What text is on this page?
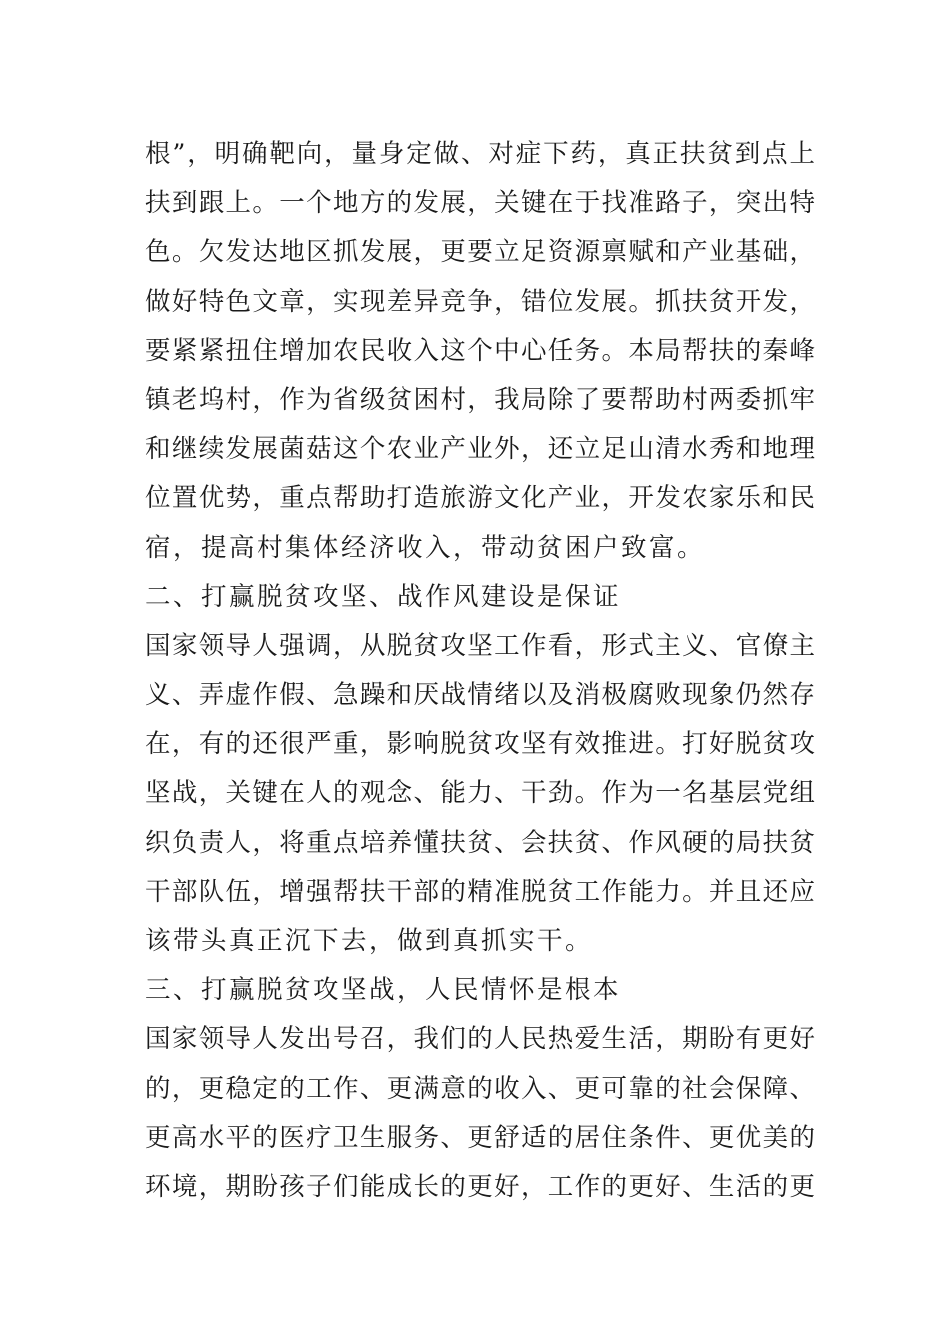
根”，明确靶向，量身定做、对症下药，真正扶贫到点上
扶到跟上。一个地方的发展，关键在于找准路子，突出特
色。欠发达地区抓发展，更要立足资源禀赋和产业基础，
做好特色文章，实现差异竞争，错位发展。抓扶贫开发，
要紧紧扭住增加农民收入这个中心任务。本局帮扶的秦峰
镇老坞村，作为省级贫困村，我局除了要帮助村两委抓牢
和继续发展菌菇这个农业产业外，还立足山清水秀和地理
位置优势，重点帮助打造旅游文化产业，开发农家乐和民
宿，提高村集体经济收入，带动贫困户致富。
二、打赢脱贫攻坚、战作风建设是保证
国家领导人强调，从脱贫攻坚工作看，形式主义、官僚主
义、弄虚作假、急躁和厌战情绪以及消极腐败现象仍然存
在，有的还很严重，影响脱贫攻坚有效推进。打好脱贫攻
坚战，关键在人的观念、能力、干劲。作为一名基层党组
织负责人，将重点培养懂扶贫、会扶贫、作风硬的局扶贫
干部队伍，增强帮扶干部的精准脱贫工作能力。并且还应
该带头真正沉下去，做到真抓实干。
三、打赢脱贫攻坚战，人民情怀是根本
国家领导人发出号召，我们的人民热爱生活，期盼有更好
的，更稳定的工作、更满意的收入、更可靠的社会保障、
更高水平的医疗卫生服务、更舒适的居住条件、更优美的
环境，期盼孩子们能成长的更好，工作的更好、生活的更
